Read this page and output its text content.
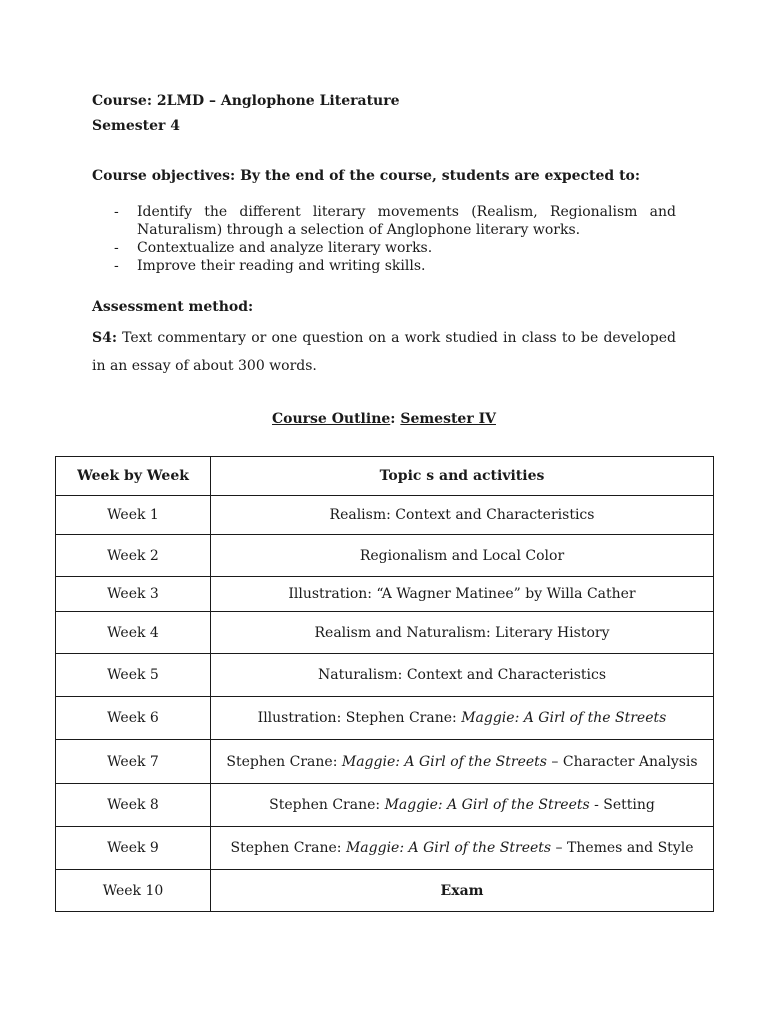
Course: 2LMD – Anglophone Literature
Semester 4
Course objectives: By the end of the course, students are expected to:
- Identify the different literary movements (Realism, Regionalism and Naturalism) through a selection of Anglophone literary works.
- Contextualize and analyze literary works.
- Improve their reading and writing skills.
Assessment method:
S4: Text commentary or one question on a work studied in class to be developed in an essay of about 300 words.
Course Outline: Semester IV
Week by Week	Topic s and activities
Week 1	Realism: Context and Characteristics
Week 2	Regionalism and Local Color
Week 3	Illustration: “A Wagner Matinee” by Willa Cather
Week 4	Realism and Naturalism: Literary History
Week 5	Naturalism: Context and Characteristics
Week 6	Illustration: Stephen Crane: Maggie: A Girl of the Streets
Week 7	Stephen Crane: Maggie: A Girl of the Streets – Character Analysis
Week 8	Stephen Crane: Maggie: A Girl of the Streets - Setting
Week 9	Stephen Crane: Maggie: A Girl of the Streets – Themes and Style
Week 10	Exam
